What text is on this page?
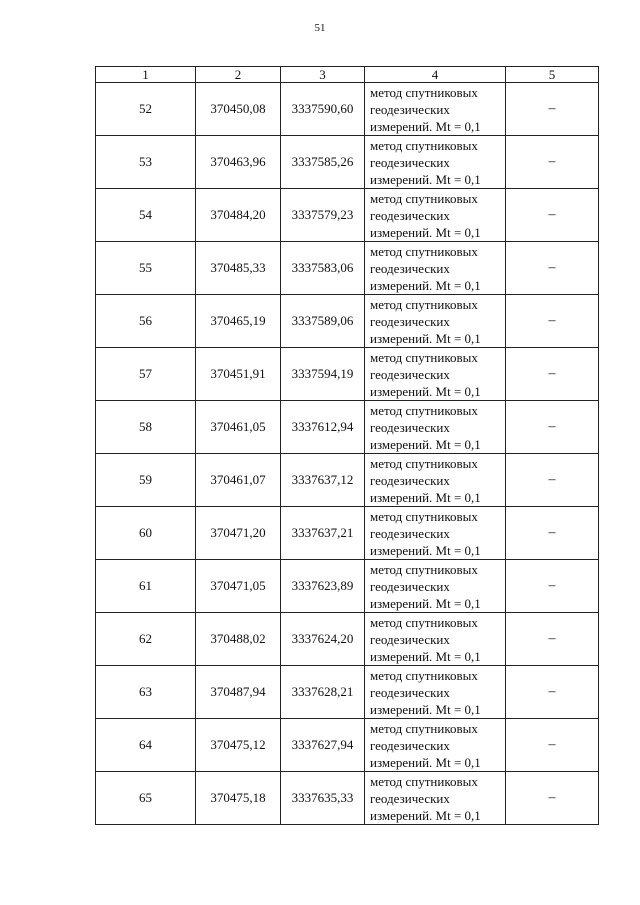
51
1	2	3	4	5
52	370450,08	3337590,60	метод спутниковых
геодезических
измерений. Mt = 0,1	–
53	370463,96	3337585,26	метод спутниковых
геодезических
измерений. Mt = 0,1	–
54	370484,20	3337579,23	метод спутниковых
геодезических
измерений. Mt = 0,1	–
55	370485,33	3337583,06	метод спутниковых
геодезических
измерений. Mt = 0,1	–
56	370465,19	3337589,06	метод спутниковых
геодезических
измерений. Mt = 0,1	–
57	370451,91	3337594,19	метод спутниковых
геодезических
измерений. Mt = 0,1	–
58	370461,05	3337612,94	метод спутниковых
геодезических
измерений. Mt = 0,1	–
59	370461,07	3337637,12	метод спутниковых
геодезических
измерений. Mt = 0,1	–
60	370471,20	3337637,21	метод спутниковых
геодезических
измерений. Mt = 0,1	–
61	370471,05	3337623,89	метод спутниковых
геодезических
измерений. Mt = 0,1	–
62	370488,02	3337624,20	метод спутниковых
геодезических
измерений. Mt = 0,1	–
63	370487,94	3337628,21	метод спутниковых
геодезических
измерений. Mt = 0,1	–
64	370475,12	3337627,94	метод спутниковых
геодезических
измерений. Mt = 0,1	–
65	370475,18	3337635,33	метод спутниковых
геодезических
измерений. Mt = 0,1	–
